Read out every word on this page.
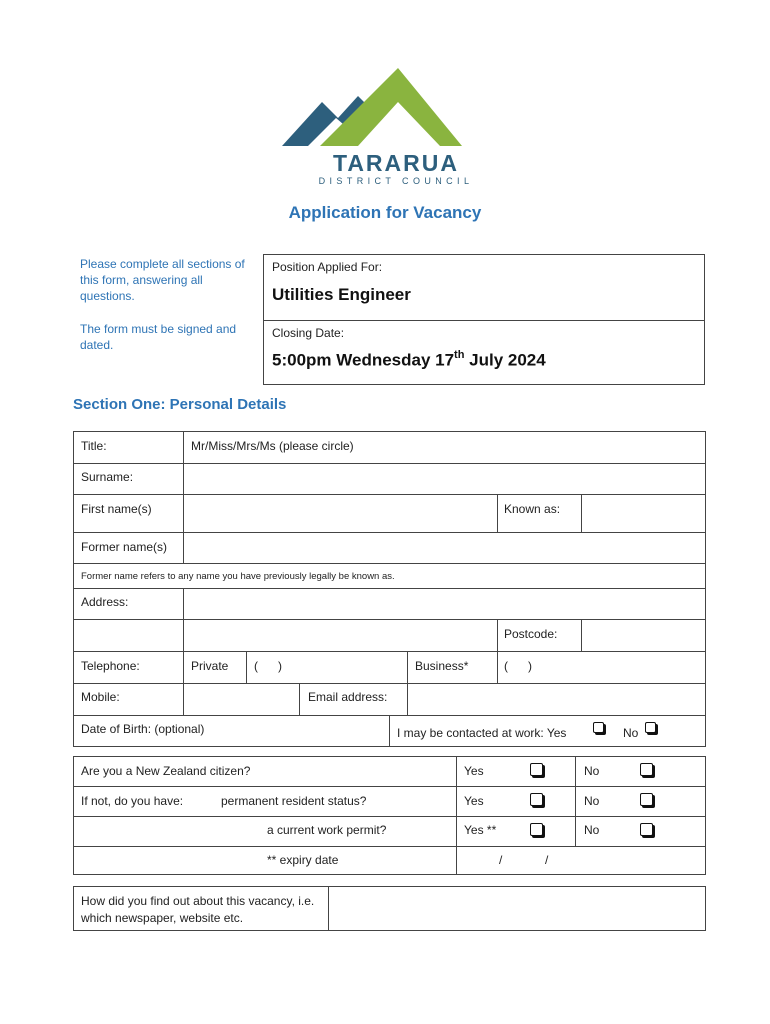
TARARUA
DISTRICT COUNCIL
Application for Vacancy
Please complete all sections of this form, answering all questions.
The form must be signed and dated.
Position Applied For:
Utilities Engineer
Closing Date:
5:00pm Wednesday 17th July 2024
Section One: Personal Details
Title:	Mr/Miss/Mrs/Ms (please circle)
Surname:
First name(s)	Known as:
Former name(s)
Former name refers to any name you have previously legally be known as.
Address:
Postcode:
Telephone:	Private (      )	Business*	(      )
Mobile:	Email address:
Date of Birth: (optional)	I may be contacted at work: Yes	No
Are you a New Zealand citizen?	Yes	No
If not, do you have:	permanent resident status?	Yes	No
a current work permit?	Yes **	No
** expiry date	/	/
How did you find out about this vacancy, i.e. which newspaper, website etc.
